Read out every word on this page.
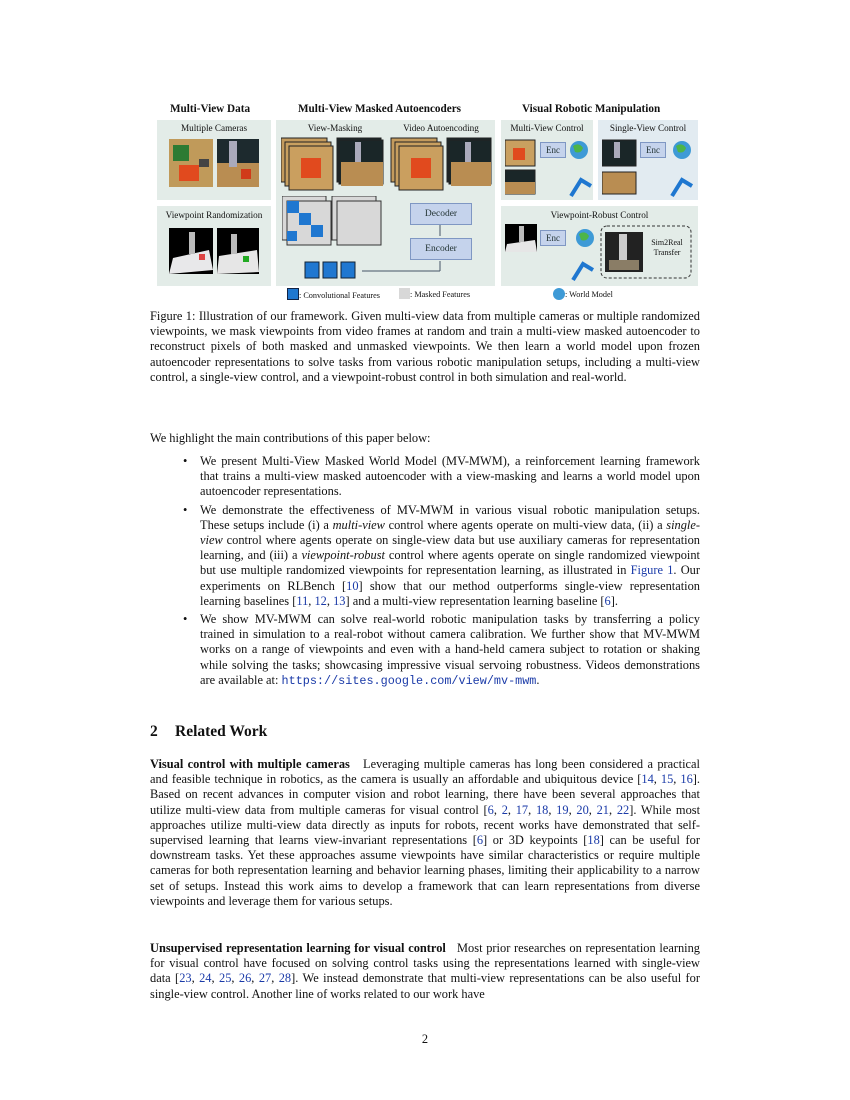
Multi-View Data	Multi-View Masked Autoencoders	Visual Robotic Manipulation
Multiple Cameras
Viewpoint Randomization
View-Masking	Video Autoencoding
Decoder
Encoder
Multi-View Control	Single-View Control
Enc	Enc
Viewpoint-Robust Control
Enc	Sim2Real
Transfer
: Convolutional Features	: Masked Features	: World Model
Figure 1: Illustration of our framework. Given multi-view data from multiple cameras or multiple randomized viewpoints, we mask viewpoints from video frames at random and train a multi-view masked autoencoder to reconstruct pixels of both masked and unmasked viewpoints. We then learn a world model upon frozen autoencoder representations to solve tasks from various robotic manipulation setups, including a multi-view control, a single-view control, and a viewpoint-robust control in both simulation and real-world.
We highlight the main contributions of this paper below:
• We present Multi-View Masked World Model (MV-MWM), a reinforcement learning framework that trains a multi-view masked autoencoder with a view-masking and learns a world model upon autoencoder representations.
• We demonstrate the effectiveness of MV-MWM in various visual robotic manipulation setups. These setups include (i) a multi-view control where agents operate on multi-view data, (ii) a single-view control where agents operate on single-view data but use auxiliary cameras for representation learning, and (iii) a viewpoint-robust control where agents operate on single randomized viewpoint but use multiple randomized viewpoints for representation learning, as illustrated in Figure 1. Our experiments on RLBench [10] show that our method outperforms single-view representation learning baselines [11, 12, 13] and a multi-view representation learning baseline [6].
• We show MV-MWM can solve real-world robotic manipulation tasks by transferring a policy trained in simulation to a real-robot without camera calibration. We further show that MV-MWM works on a range of viewpoints and even with a hand-held camera subject to rotation or shaking while solving the tasks; showcasing impressive visual servoing robustness. Videos demonstrations are available at: https://sites.google.com/view/mv-mwm.
2 Related Work
Visual control with multiple cameras Leveraging multiple cameras has long been considered a practical and feasible technique in robotics, as the camera is usually an affordable and ubiquitous device [14, 15, 16]. Based on recent advances in computer vision and robot learning, there have been several approaches that utilize multi-view data from multiple cameras for visual control [6, 2, 17, 18, 19, 20, 21, 22]. While most approaches utilize multi-view data directly as inputs for robots, recent works have demonstrated that self-supervised learning that learns view-invariant representations [6] or 3D keypoints [18] can be useful for downstream tasks. Yet these approaches assume viewpoints have similar characteristics or require multiple cameras for both representation learning and behavior learning phases, limiting their applicability to a narrow set of setups. Instead this work aims to develop a framework that can learn representations from diverse viewpoints and leverage them for various setups.
Unsupervised representation learning for visual control Most prior researches on representation learning for visual control have focused on solving control tasks using the representations learned with single-view data [23, 24, 25, 26, 27, 28]. We instead demonstrate that multi-view representations can be also useful for single-view control. Another line of works related to our work have
2
